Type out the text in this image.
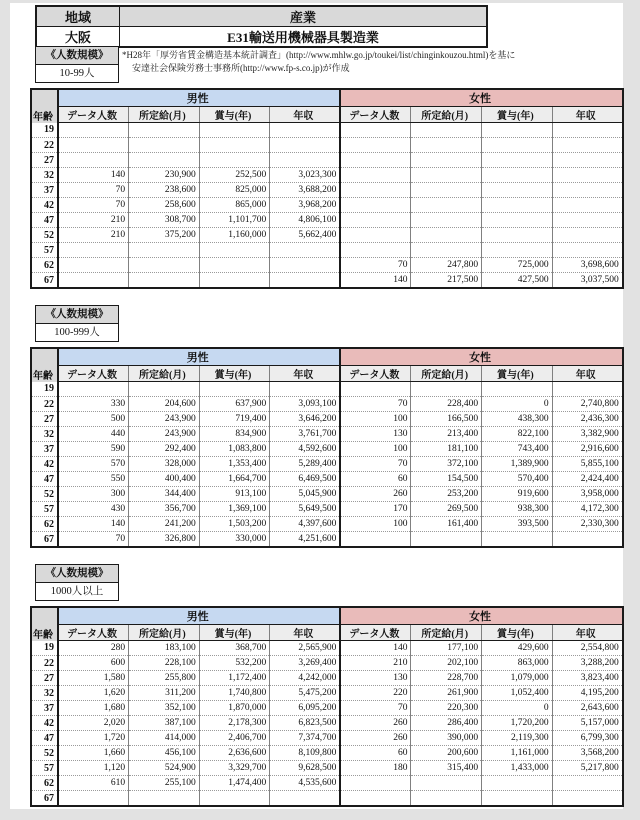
地域	産業
大阪	E31輸送用機械器具製造業
*H28年「厚労省賃金構造基本統計調査」(http://www.mhlw.go.jp/toukei/list/chinginkouzou.html)を基に
安達社会保険労務士事務所(http://www.fp-s.co.jp)が作成
《人数規模》
10-99人
年齢	男性				女性			
	データ人数	所定給(月)	賞与(年)	年収	データ人数	所定給(月)	賞与(年)	年収
19								
22								
27								
32	140	230,900	252,500	3,023,300				
37	70	238,600	825,000	3,688,200				
42	70	258,600	865,000	3,968,200				
47	210	308,700	1,101,700	4,806,100				
52	210	375,200	1,160,000	5,662,400				
57								
62					70	247,800	725,000	3,698,600
67					140	217,500	427,500	3,037,500
《人数規模》
100-999人
年齢	男性				女性			
	データ人数	所定給(月)	賞与(年)	年収	データ人数	所定給(月)	賞与(年)	年収
19								
22	330	204,600	637,900	3,093,100	70	228,400	0	2,740,800
27	500	243,900	719,400	3,646,200	100	166,500	438,300	2,436,300
32	440	243,900	834,900	3,761,700	130	213,400	822,100	3,382,900
37	590	292,400	1,083,800	4,592,600	100	181,100	743,400	2,916,600
42	570	328,000	1,353,400	5,289,400	70	372,100	1,389,900	5,855,100
47	550	400,400	1,664,700	6,469,500	60	154,500	570,400	2,424,400
52	300	344,400	913,100	5,045,900	260	253,200	919,600	3,958,000
57	430	356,700	1,369,100	5,649,500	170	269,500	938,300	4,172,300
62	140	241,200	1,503,200	4,397,600	100	161,400	393,500	2,330,300
67	70	326,800	330,000	4,251,600				
《人数規模》
1000人以上
年齢	男性				女性			
	データ人数	所定給(月)	賞与(年)	年収	データ人数	所定給(月)	賞与(年)	年収
19	280	183,100	368,700	2,565,900	140	177,100	429,600	2,554,800
22	600	228,100	532,200	3,269,400	210	202,100	863,000	3,288,200
27	1,580	255,800	1,172,400	4,242,000	130	228,700	1,079,000	3,823,400
32	1,620	311,200	1,740,800	5,475,200	220	261,900	1,052,400	4,195,200
37	1,680	352,100	1,870,000	6,095,200	70	220,300	0	2,643,600
42	2,020	387,100	2,178,300	6,823,500	260	286,400	1,720,200	5,157,000
47	1,720	414,000	2,406,700	7,374,700	260	390,000	2,119,300	6,799,300
52	1,660	456,100	2,636,600	8,109,800	60	200,600	1,161,000	3,568,200
57	1,120	524,900	3,329,700	9,628,500	180	315,400	1,433,000	5,217,800
62	610	255,100	1,474,400	4,535,600				
67								
